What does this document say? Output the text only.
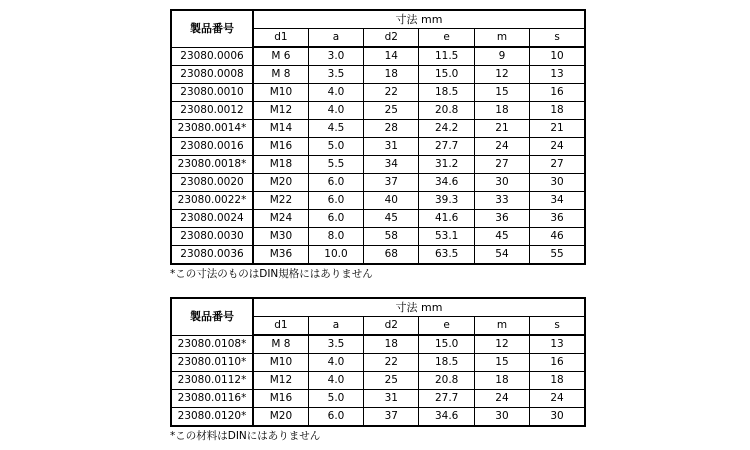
製品番号	寸法 mm					
	d1	a	d2	e	m	s
23080.0006	M 6	3.0	14	11.5	9	10
23080.0008	M 8	3.5	18	15.0	12	13
23080.0010	M10	4.0	22	18.5	15	16
23080.0012	M12	4.0	25	20.8	18	18
23080.0014*	M14	4.5	28	24.2	21	21
23080.0016	M16	5.0	31	27.7	24	24
23080.0018*	M18	5.5	34	31.2	27	27
23080.0020	M20	6.0	37	34.6	30	30
23080.0022*	M22	6.0	40	39.3	33	34
23080.0024	M24	6.0	45	41.6	36	36
23080.0030	M30	8.0	58	53.1	45	46
23080.0036	M36	10.0	68	63.5	54	55
*この寸法のものはDIN規格にはありません
製品番号	寸法 mm					
	d1	a	d2	e	m	s
23080.0108*	M 8	3.5	18	15.0	12	13
23080.0110*	M10	4.0	22	18.5	15	16
23080.0112*	M12	4.0	25	20.8	18	18
23080.0116*	M16	5.0	31	27.7	24	24
23080.0120*	M20	6.0	37	34.6	30	30
*この材料はDINにはありません
